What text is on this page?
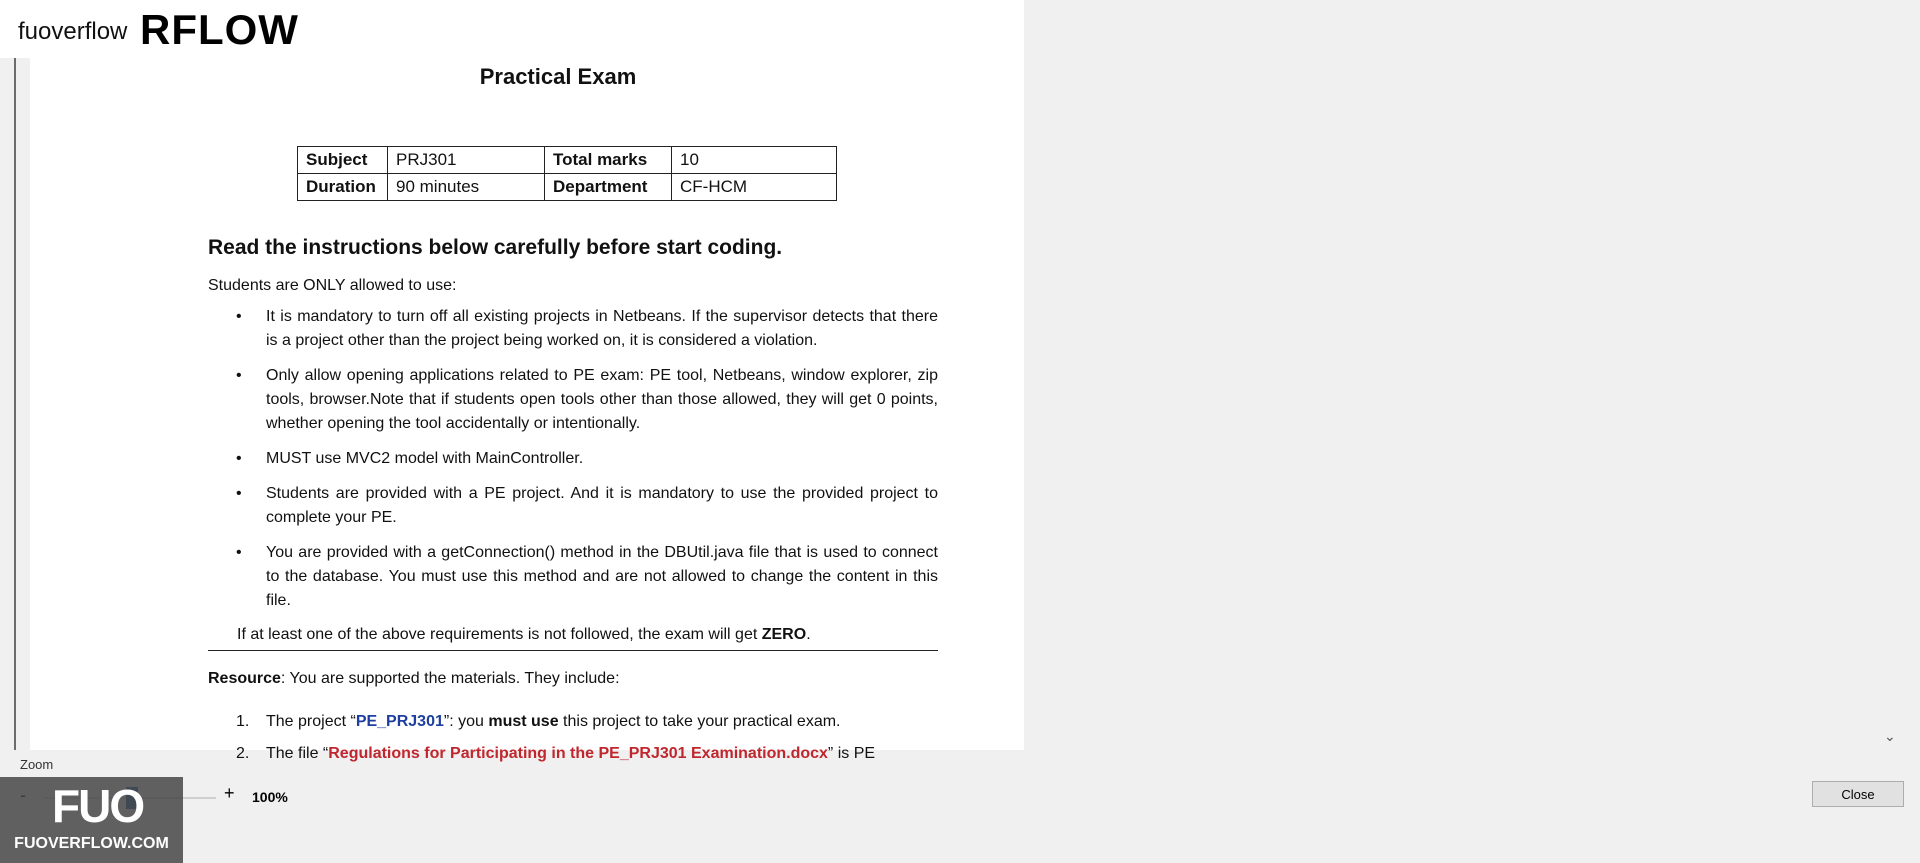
Practical Exam
Subject	PRJ301	Total marks	10
Duration	90 minutes	Department	CF-HCM
Read the instructions below carefully before start coding.
Students are ONLY allowed to use:
• It is mandatory to turn off all existing projects in Netbeans. If the supervisor detects that there is a project other than the project being worked on, it is considered a violation.
• Only allow opening applications related to PE exam: PE tool, Netbeans, window explorer, zip tools, browser.Note that if students open tools other than those allowed, they will get 0 points, whether opening the tool accidentally or intentionally.
• MUST use MVC2 model with MainController.
• Students are provided with a PE project. And it is mandatory to use the provided project to complete your PE.
• You are provided with a getConnection() method in the DBUtil.java file that is used to connect to the database. You must use this method and are not allowed to change the content in this file.
If at least one of the above requirements is not followed, the exam will get ZERO.
Resource: You are supported the materials. They include:
1. The project “PE_PRJ301”: you must use this project to take your practical exam.
2. The file “Regulations for Participating in the PE_PRJ301 Examination.docx” is PE
⌄
fuoverflow RFLOW
Zoom
+ 100%	Close
FUO
FUOVERFLOW.COM
